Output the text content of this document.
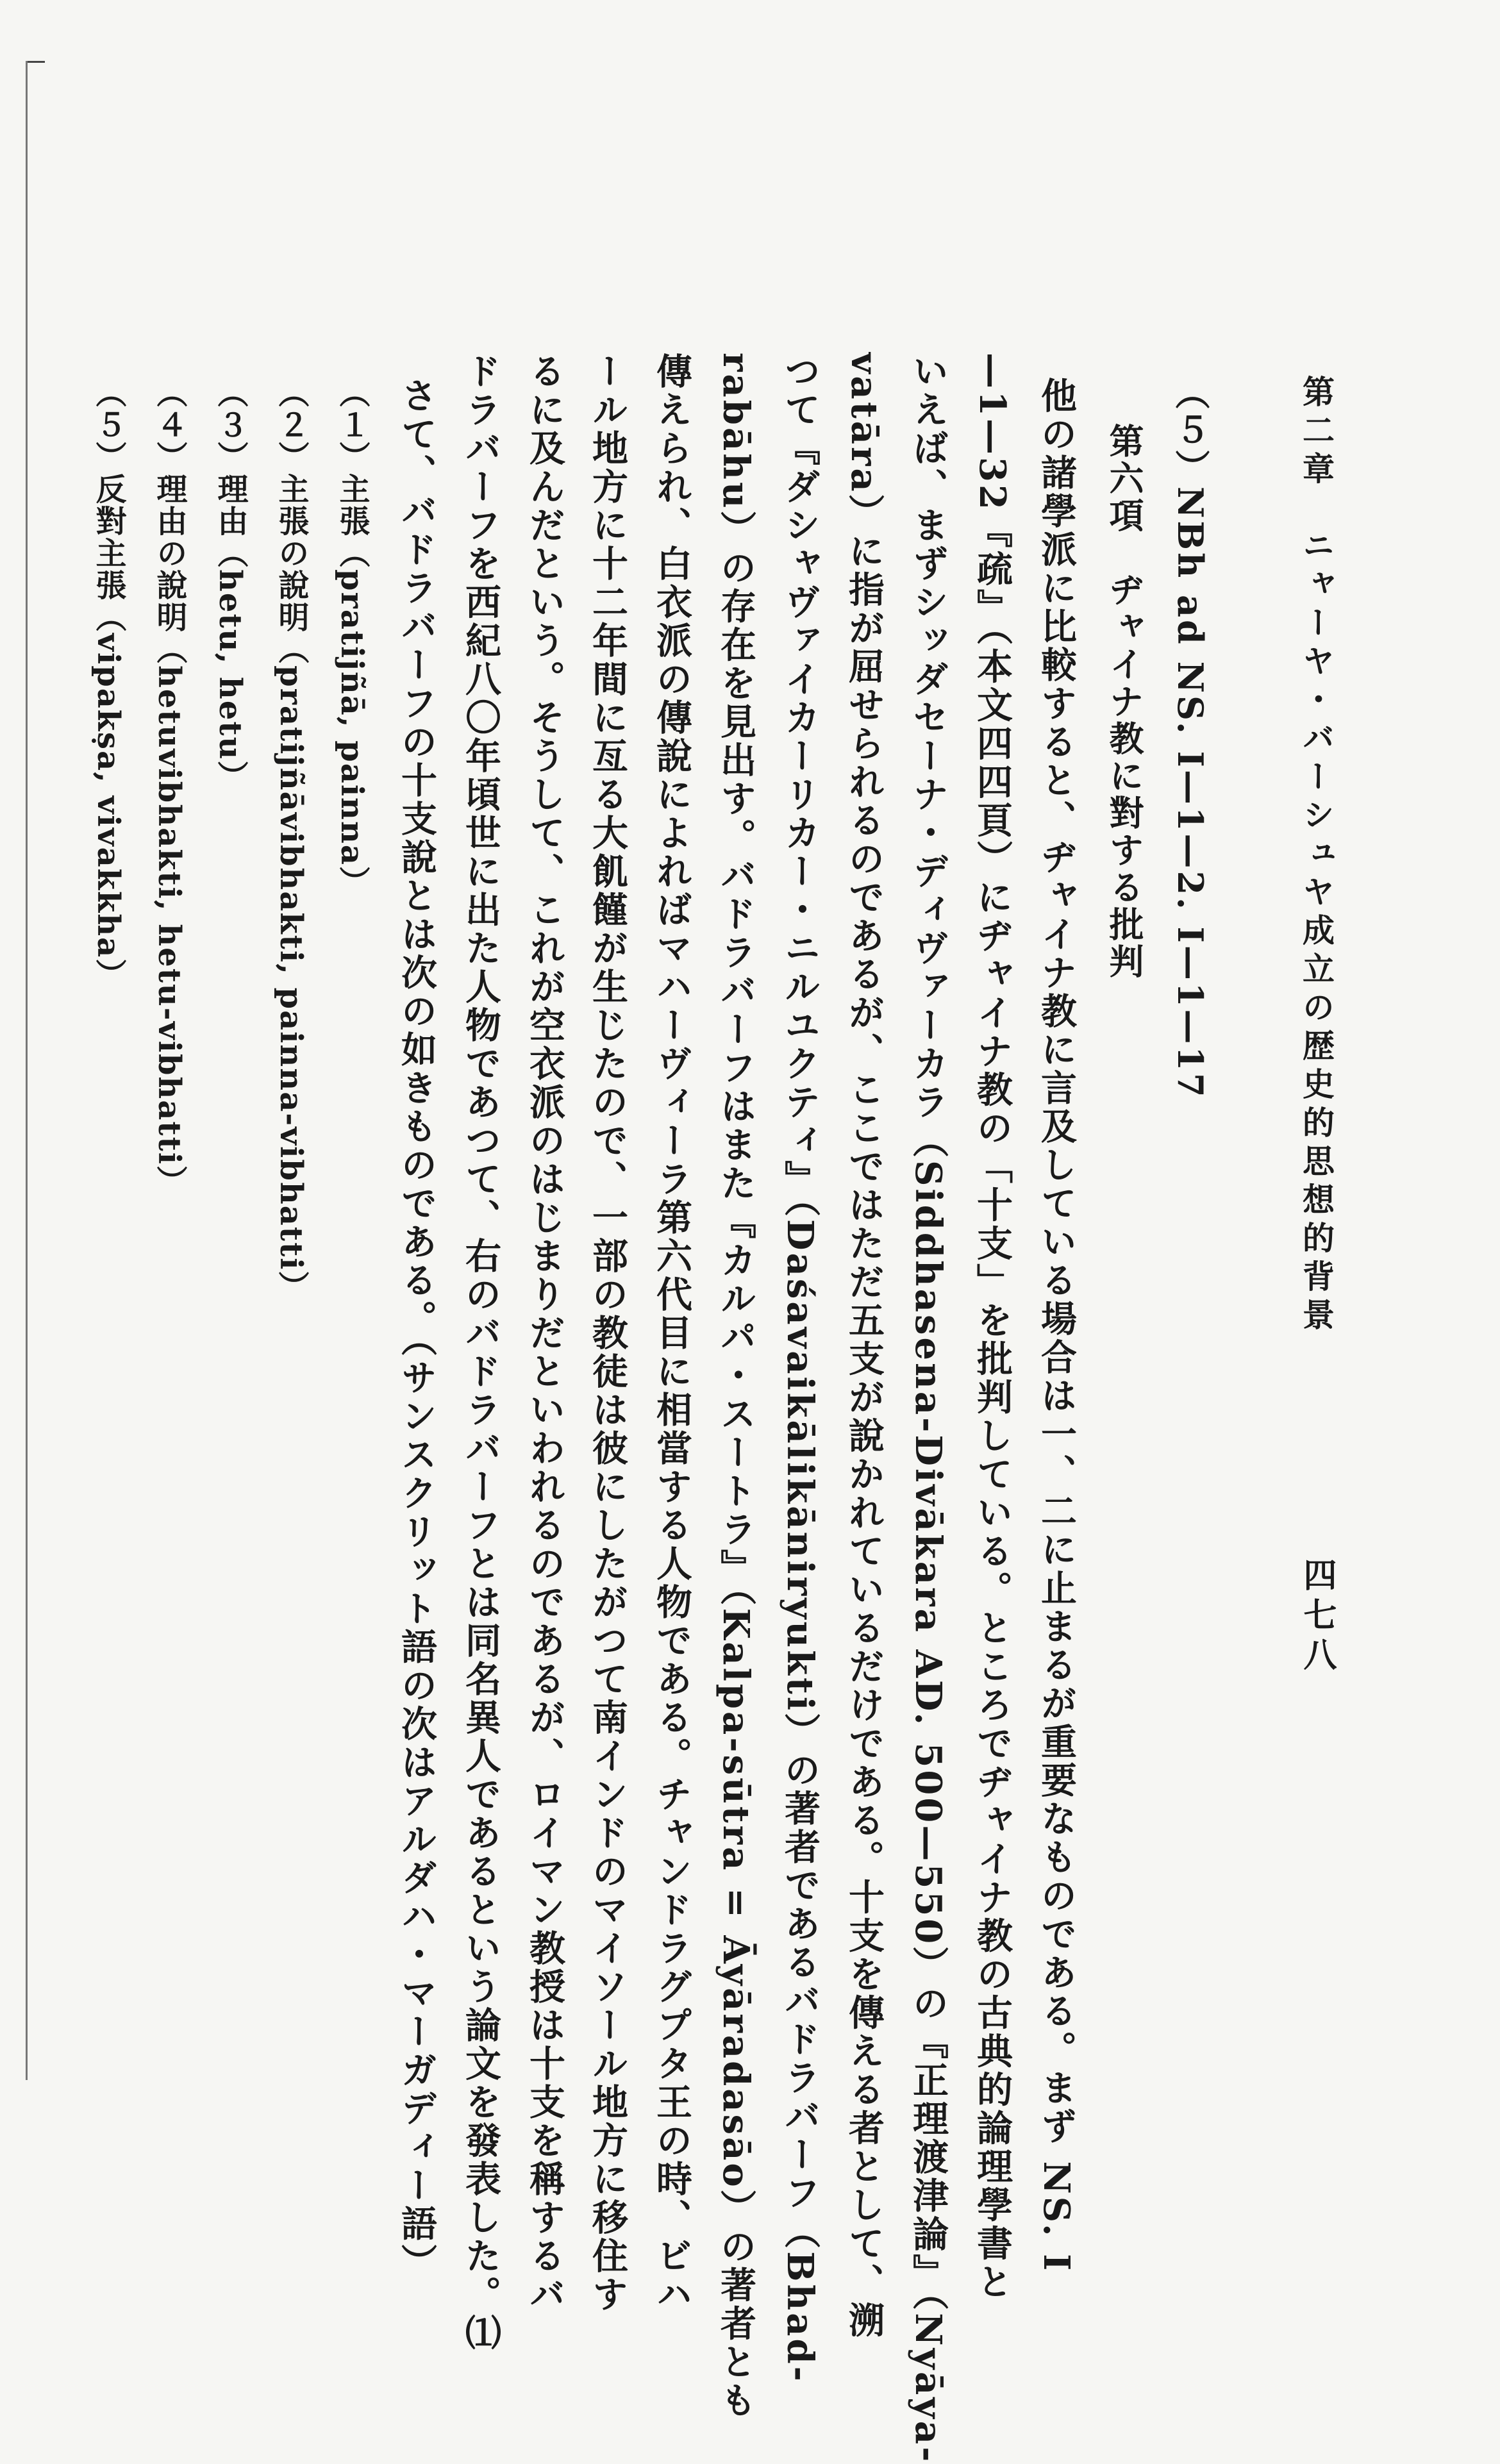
第二章　ニャーヤ・バーシュヤ成立の歴史的思想的背景
四七八
（５）NBh ad NS. I—1—2. I—1—17
第六項　ヂャイナ教に對する批判
他の諸學派に比較すると、ヂャイナ教に言及している場合は一、二に止まるが重要なものである。まず NS. I
—1—32『疏』（本文四四頁）にヂャイナ教の「十支」を批判している。ところでヂャイナ教の古典的論理學書と
いえば、まずシッダセーナ・ディヴァーカラ（Siddhasena-Divākara AD. 500—550）の『正理渡津論』（Nyāya-
vatāra）に指が屈せられるのであるが、ここではただ五支が說かれているだけである。十支を傳える者として、溯
つて『ダシャヴァイカーリカー・ニルユクティ』（Daśavaikālikāniryukti）の著者であるバドラバーフ（Bhad-
rabāhu）の存在を見出す。バドラバーフはまた『カルパ・スートラ』（Kalpa-sūtra = Āyāradasāo）の著者とも
傳えられ、白衣派の傳說によればマハーヴィーラ第六代目に相當する人物である。チャンドラグプタ王の時、ビハ
ール地方に十二年間に亙る大飢饉が生じたので、一部の教徒は彼にしたがつて南インドのマイソール地方に移住す
るに及んだという。そうして、これが空衣派のはじまりだといわれるのであるが、ロイマン教授は十支を稱するバ
ドラバーフを西紀八〇年頃世に出た人物であつて、右のバドラバーフとは同名異人であるという論文を發表した。⑴
さて、バドラバーフの十支說とは次の如きものである。（サンスクリット語の次はアルダハ・マーガディー語）
（１）主張（pratijñā, painna）
（２）主張の說明（pratijñāvibhakti, painna-vibhatti）
（３）理由（hetu, hetu）
（４）理由の說明（hetuvibhakti, hetu-vibhatti）
（５）反對主張（vipakṣa, vivakkha）
